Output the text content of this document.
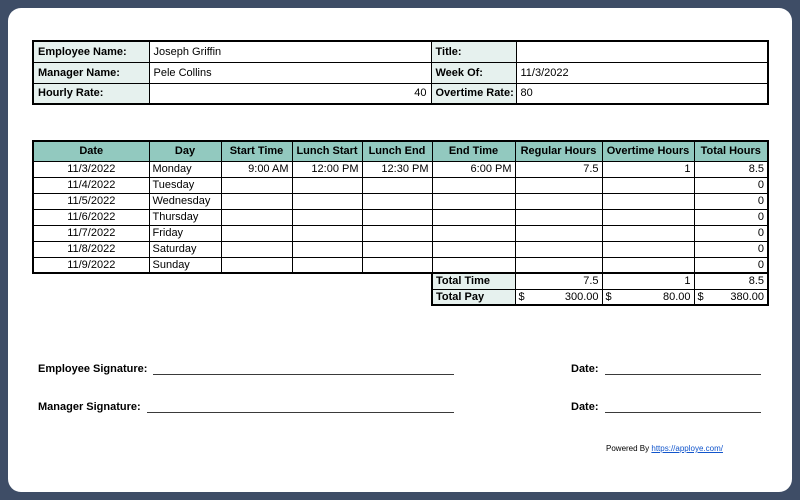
Employee Name:	Joseph Griffin	Title:	
Manager Name:	Pele Collins	Week Of:	11/3/2022
Hourly Rate:	40	Overtime Rate:	80
Date	Day	Start Time	Lunch Start	Lunch End	End Time	Regular Hours	Overtime Hours	Total Hours
11/3/2022	Monday	9:00 AM	12:00 PM	12:30 PM	6:00 PM	7.5	1	8.5
11/4/2022	Tuesday							0
11/5/2022	Wednesday							0
11/6/2022	Thursday							0
11/7/2022	Friday							0
11/8/2022	Saturday							0
11/9/2022	Sunday							0
Total Time	7.5	1	8.5
Total Pay	$ 300.00	$ 80.00	$ 380.00
Employee Signature:	Date:
Manager Signature:	Date:
Powered By https://apploye.com/
